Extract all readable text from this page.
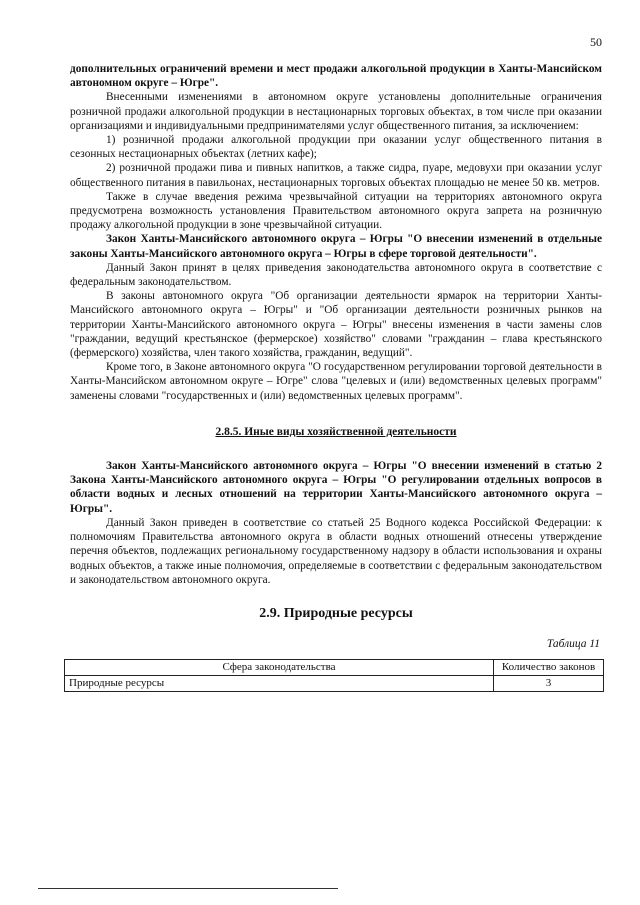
50

дополнительных ограничений времени и мест продажи алкогольной продукции в Ханты-Мансийском автономном округе – Югре".

Внесенными изменениями в автономном округе установлены дополнительные ограничения розничной продажи алкогольной продукции в нестационарных торговых объектах, в том числе при оказании организациями и индивидуальными предпринимателями услуг общественного питания, за исключением:

1) розничной продажи алкогольной продукции при оказании услуг общественного питания в сезонных нестационарных объектах (летних кафе);

2) розничной продажи пива и пивных напитков, а также сидра, пуаре, медовухи при оказании услуг общественного питания в павильонах, нестационарных торговых объектах площадью не менее 50 кв. метров.

Также в случае введения режима чрезвычайной ситуации на территориях автономного округа предусмотрена возможность установления Правительством автономного округа запрета на розничную продажу алкогольной продукции в зоне чрезвычайной ситуации.

Закон Ханты-Мансийского автономного округа – Югры "О внесении изменений в отдельные законы Ханты-Мансийского автономного округа – Югры в сфере торговой деятельности".

Данный Закон принят в целях приведения законодательства автономного округа в соответствие с федеральным законодательством.

В законы автономного округа "Об организации деятельности ярмарок на территории Ханты-Мансийского автономного округа – Югры" и "Об организации деятельности розничных рынков на территории Ханты-Мансийского автономного округа – Югры" внесены изменения в части замены слов "граждании, ведущий крестьянское (фермерское) хозяйство" словами "гражданин – глава крестьянского (фермерского) хозяйства, член такого хозяйства, гражданин, ведущий".

Кроме того, в Законе автономного округа "О государственном регулировании торговой деятельности в Ханты-Мансийском автономном округе – Югре" слова "целевых и (или) ведомственных целевых программ" заменены словами "государственных и (или) ведомственных целевых программ".

2.8.5. Иные виды хозяйственной деятельности

Закон Ханты-Мансийского автономного округа – Югры "О внесении изменений в статью 2 Закона Ханты-Мансийского автономного округа – Югры "О регулировании отдельных вопросов в области водных и лесных отношений на территории Ханты-Мансийского автономного округа – Югры".

Данный Закон приведен в соответствие со статьей 25 Водного кодекса Российской Федерации: к полномочиям Правительства автономного округа в области водных отношений отнесены утверждение перечня объектов, подлежащих региональному государственному надзору в области использования и охраны водных объектов, а также иные полномочия, определяемые в соответствии с федеральным законодательством и законодательством автономного округа.

2.9. Природные ресурсы
Таблица 11
Сфера законодательства	Количество законов
Природные ресурсы	3
